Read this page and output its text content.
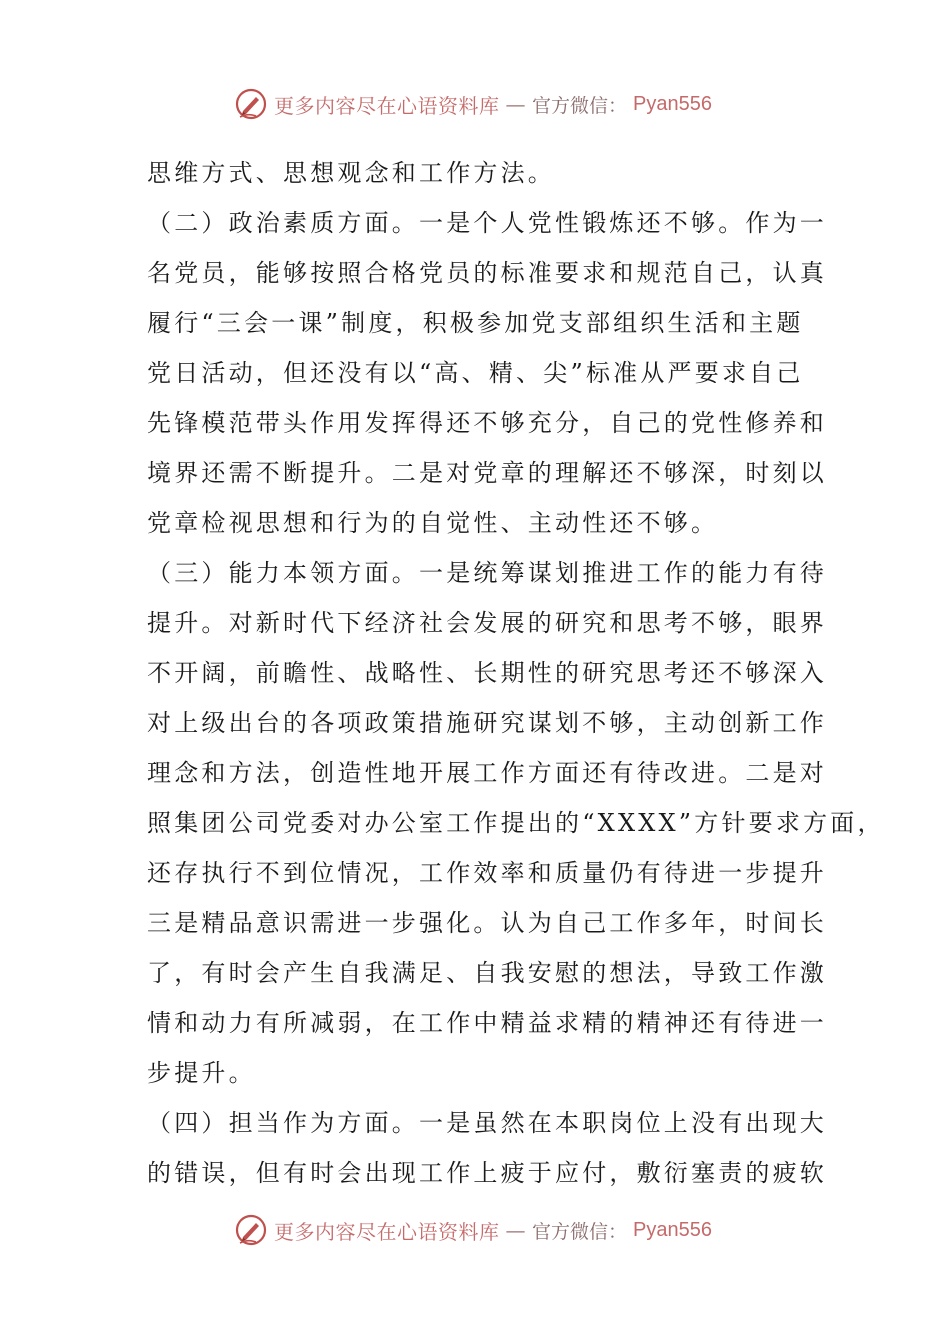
更多内容尽在心语资料库 — 官方微信： Pyan556
思维方式、思想观念和工作方法。
（二）政治素质方面。一是个人党性锻炼还不够。作为一
名党员，能够按照合格党员的标准要求和规范自己，认真
履行“三会一课”制度，积极参加党支部组织生活和主题
党日活动，但还没有以“高、精、尖”标准从严要求自己
先锋模范带头作用发挥得还不够充分，自己的党性修养和
境界还需不断提升。二是对党章的理解还不够深，时刻以
党章检视思想和行为的自觉性、主动性还不够。
（三）能力本领方面。一是统筹谋划推进工作的能力有待
提升。对新时代下经济社会发展的研究和思考不够，眼界
不开阔，前瞻性、战略性、长期性的研究思考还不够深入
对上级出台的各项政策措施研究谋划不够，主动创新工作
理念和方法，创造性地开展工作方面还有待改进。二是对
照集团公司党委对办公室工作提出的“XXXX”方针要求方面，
还存执行不到位情况，工作效率和质量仍有待进一步提升
三是精品意识需进一步强化。认为自己工作多年，时间长
了，有时会产生自我满足、自我安慰的想法，导致工作激
情和动力有所减弱，在工作中精益求精的精神还有待进一
步提升。
（四）担当作为方面。一是虽然在本职岗位上没有出现大
的错误，但有时会出现工作上疲于应付，敷衍塞责的疲软
更多内容尽在心语资料库 — 官方微信： Pyan556
